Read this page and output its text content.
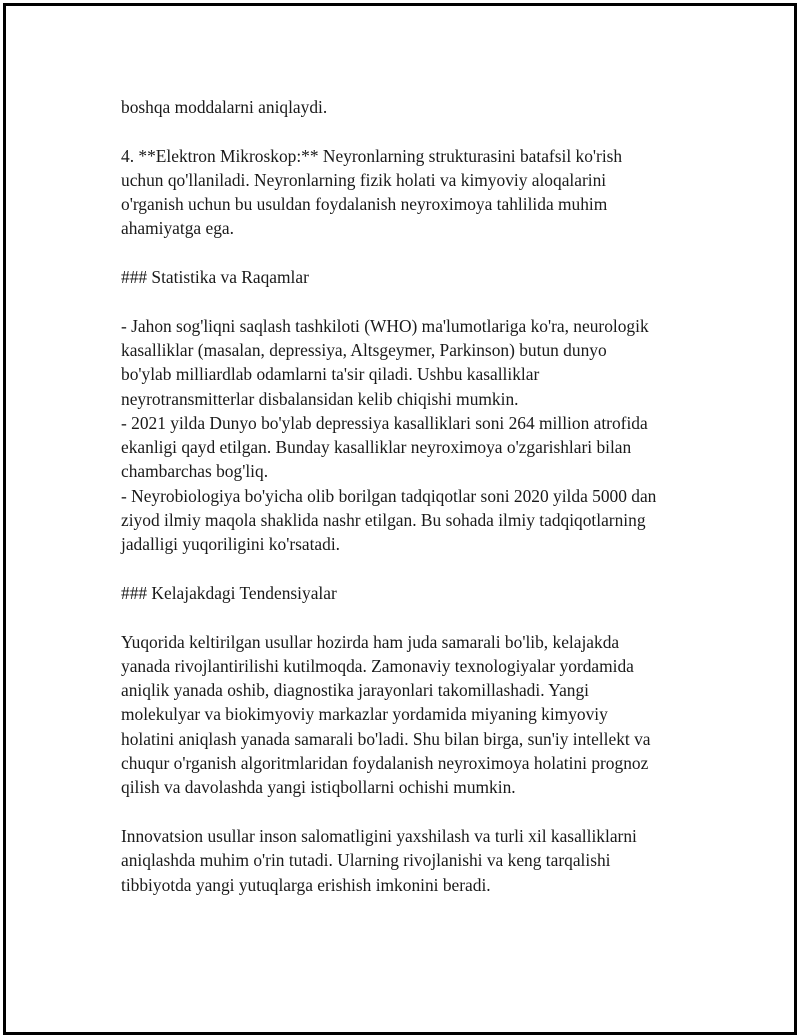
boshqa moddalarni aniqlaydi.
4. **Elektron Mikroskop:** Neyronlarning strukturasini batafsil ko'rish
uchun qo'llaniladi. Neyronlarning fizik holati va kimyoviy aloqalarini
o'rganish uchun bu usuldan foydalanish neyroximoya tahlilida muhim
ahamiyatga ega.
### Statistika va Raqamlar
- Jahon sog'liqni saqlash tashkiloti (WHO) ma'lumotlariga ko'ra, neurologik
kasalliklar (masalan, depressiya, Altsgeymer, Parkinson) butun dunyo
bo'ylab milliardlab odamlarni ta'sir qiladi. Ushbu kasalliklar
neyrotransmitterlar disbalansidan kelib chiqishi mumkin.
- 2021 yilda Dunyo bo'ylab depressiya kasalliklari soni 264 million atrofida
ekanligi qayd etilgan. Bunday kasalliklar neyroximoya o'zgarishlari bilan
chambarchas bog'liq.
- Neyrobiologiya bo'yicha olib borilgan tadqiqotlar soni 2020 yilda 5000 dan
ziyod ilmiy maqola shaklida nashr etilgan. Bu sohada ilmiy tadqiqotlarning
jadalligi yuqoriligini ko'rsatadi.
### Kelajakdagi Tendensiyalar
Yuqorida keltirilgan usullar hozirda ham juda samarali bo'lib, kelajakda
yanada rivojlantirilishi kutilmoqda. Zamonaviy texnologiyalar yordamida
aniqlik yanada oshib, diagnostika jarayonlari takomillashadi. Yangi
molekulyar va biokimyoviy markazlar yordamida miyaning kimyoviy
holatini aniqlash yanada samarali bo'ladi. Shu bilan birga, sun'iy intellekt va
chuqur o'rganish algoritmlaridan foydalanish neyroximoya holatini prognoz
qilish va davolashda yangi istiqbollarni ochishi mumkin.
Innovatsion usullar inson salomatligini yaxshilash va turli xil kasalliklarni
aniqlashda muhim o'rin tutadi. Ularning rivojlanishi va keng tarqalishi
tibbiyotda yangi yutuqlarga erishish imkonini beradi.
